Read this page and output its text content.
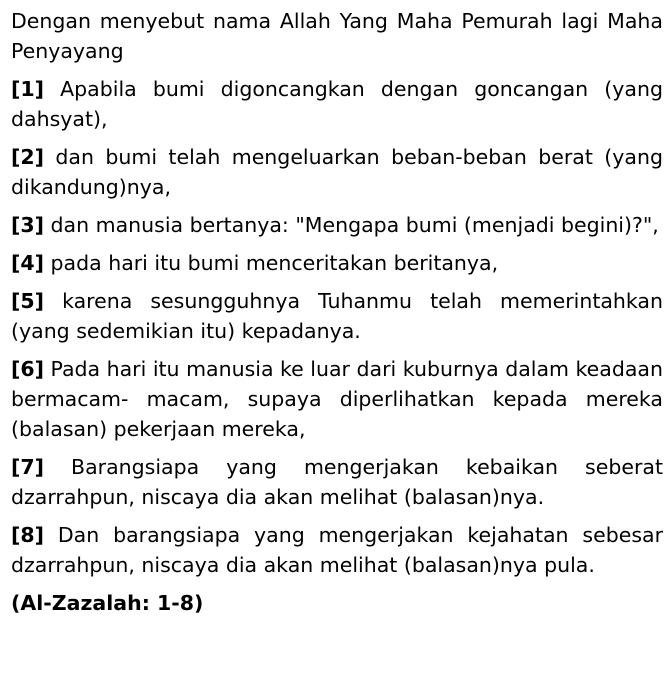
Dengan menyebut nama Allah Yang Maha Pemurah lagi Maha Penyayang

[1] Apabila bumi digoncangkan dengan goncangan (yang dahsyat),

[2] dan bumi telah mengeluarkan beban-beban berat (yang dikandung)nya,

[3] dan manusia bertanya: "Mengapa bumi (menjadi begini)?",

[4] pada hari itu bumi menceritakan beritanya,

[5] karena sesungguhnya Tuhanmu telah memerintahkan (yang sedemikian itu) kepadanya.

[6] Pada hari itu manusia ke luar dari kuburnya dalam keadaan bermacam- macam, supaya diperlihatkan kepada mereka (balasan) pekerjaan mereka,

[7] Barangsiapa yang mengerjakan kebaikan seberat dzarrahpun, niscaya dia akan melihat (balasan)nya.

[8] Dan barangsiapa yang mengerjakan kejahatan sebesar dzarrahpun, niscaya dia akan melihat (balasan)nya pula.

(Al-Zazalah: 1-8)
